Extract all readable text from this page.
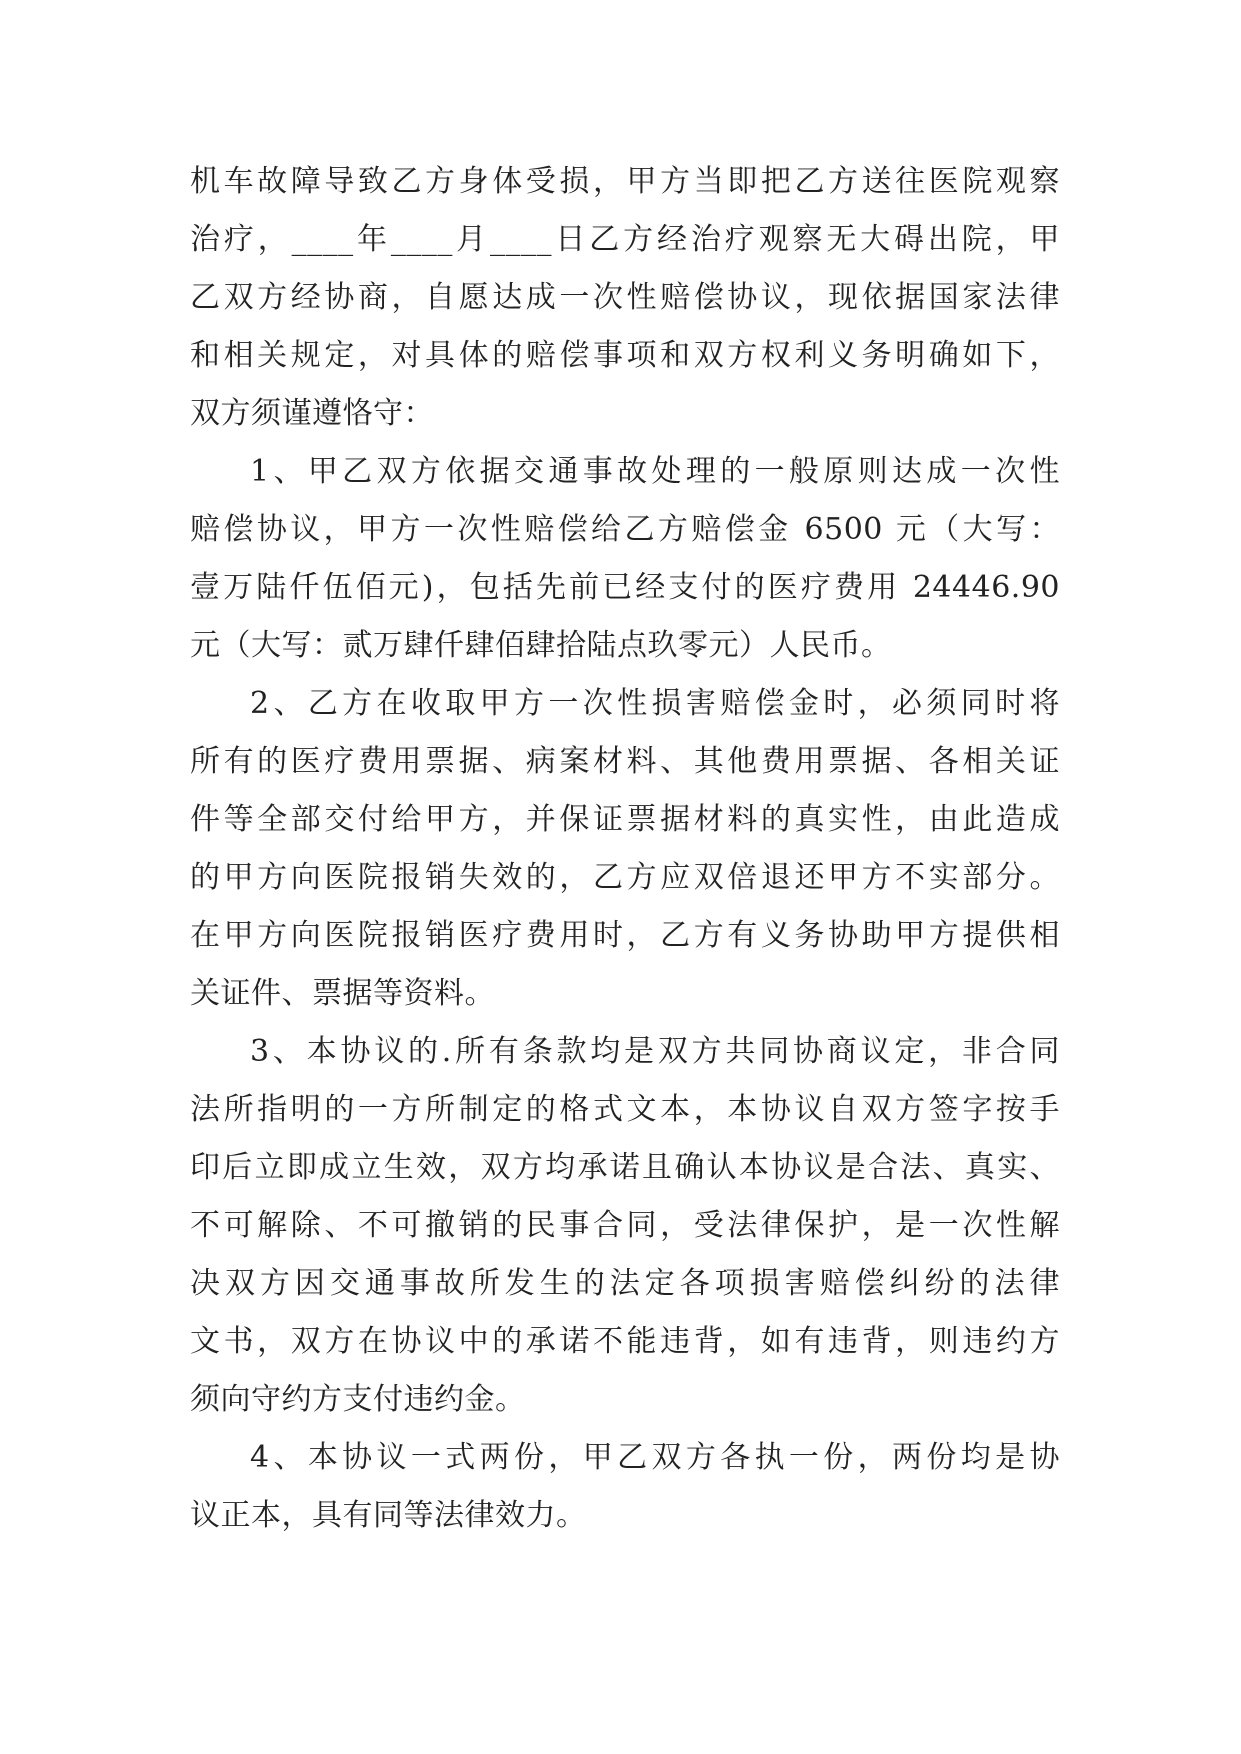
机车故障导致乙方身体受损，甲方当即把乙方送往医院观察
治疗，____年____月____日乙方经治疗观察无大碍出院，甲
乙双方经协商，自愿达成一次性赔偿协议，现依据国家法律
和相关规定，对具体的赔偿事项和双方权利义务明确如下，
双方须谨遵恪守：
1、甲乙双方依据交通事故处理的一般原则达成一次性
赔偿协议，甲方一次性赔偿给乙方赔偿金 6500 元（大写：
壹万陆仟伍佰元)，包括先前已经支付的医疗费用 24446.90
元（大写：贰万肆仟肆佰肆拾陆点玖零元）人民币。
2、乙方在收取甲方一次性损害赔偿金时，必须同时将
所有的医疗费用票据、病案材料、其他费用票据、各相关证
件等全部交付给甲方，并保证票据材料的真实性，由此造成
的甲方向医院报销失效的，乙方应双倍退还甲方不实部分。
在甲方向医院报销医疗费用时，乙方有义务协助甲方提供相
关证件、票据等资料。
3、本协议的.所有条款均是双方共同协商议定，非合同
法所指明的一方所制定的格式文本，本协议自双方签字按手
印后立即成立生效，双方均承诺且确认本协议是合法、真实、
不可解除、不可撤销的民事合同，受法律保护，是一次性解
决双方因交通事故所发生的法定各项损害赔偿纠纷的法律
文书，双方在协议中的承诺不能违背，如有违背，则违约方
须向守约方支付违约金。
4、本协议一式两份，甲乙双方各执一份，两份均是协
议正本，具有同等法律效力。
